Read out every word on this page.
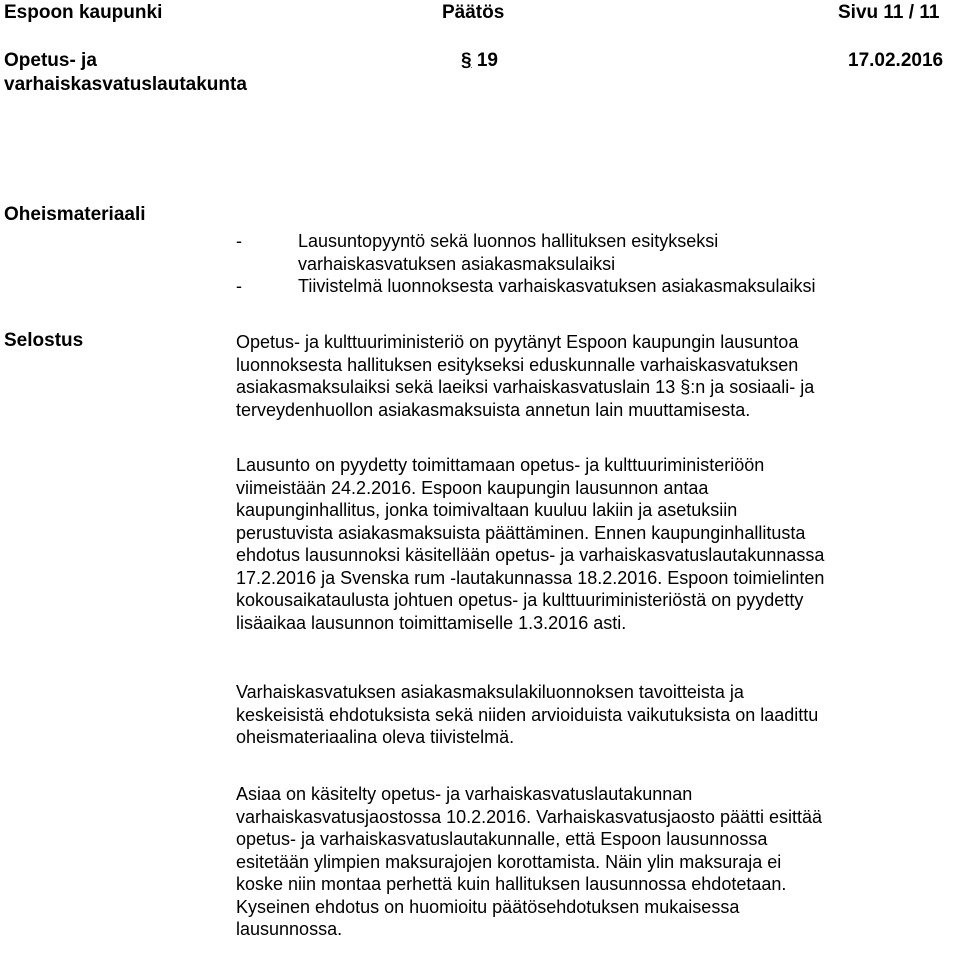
Espoon kaupunki	Päätös	Sivu 11 / 11
Opetus- ja
varhaiskasvatuslautakunta
§ 19	17.02.2016
Oheismateriaali
-	Lausuntopyyntö sekä luonnos hallituksen esitykseksi
varhaiskasvatuksen asiakasmaksulaiksi
-	Tiivistelmä luonnoksesta varhaiskasvatuksen asiakasmaksulaiksi
Selostus	Opetus- ja kulttuuriministeriö on pyytänyt Espoon kaupungin lausuntoa
luonnoksesta hallituksen esitykseksi eduskunnalle varhaiskasvatuksen
asiakasmaksulaiksi sekä laeiksi varhaiskasvatuslain 13 §:n ja sosiaali- ja
terveydenhuollon asiakasmaksuista annetun lain muuttamisesta.
Lausunto on pyydetty toimittamaan opetus- ja kulttuuriministeriöön
viimeistään 24.2.2016. Espoon kaupungin lausunnon antaa
kaupunginhallitus, jonka toimivaltaan kuuluu lakiin ja asetuksiin
perustuvista asiakasmaksuista päättäminen. Ennen kaupunginhallitusta
ehdotus lausunnoksi käsitellään opetus- ja varhaiskasvatuslautakunnassa
17.2.2016 ja Svenska rum -lautakunnassa 18.2.2016. Espoon toimielinten
kokousaikataulusta johtuen opetus- ja kulttuuriministeriöstä on pyydetty
lisäaikaa lausunnon toimittamiselle 1.3.2016 asti.
Varhaiskasvatuksen asiakasmaksulakiluonnoksen tavoitteista ja
keskeisistä ehdotuksista sekä niiden arvioiduista vaikutuksista on laadittu
oheismateriaalina oleva tiivistelmä.
Asiaa on käsitelty opetus- ja varhaiskasvatuslautakunnan
varhaiskasvatusjaostossa 10.2.2016. Varhaiskasvatusjaosto päätti esittää
opetus- ja varhaiskasvatuslautakunnalle, että Espoon lausunnossa
esitetään ylimpien maksurajojen korottamista. Näin ylin maksuraja ei
koske niin montaa perhettä kuin hallituksen lausunnossa ehdotetaan.
Kyseinen ehdotus on huomioitu päätösehdotuksen mukaisessa
lausunnossa.
